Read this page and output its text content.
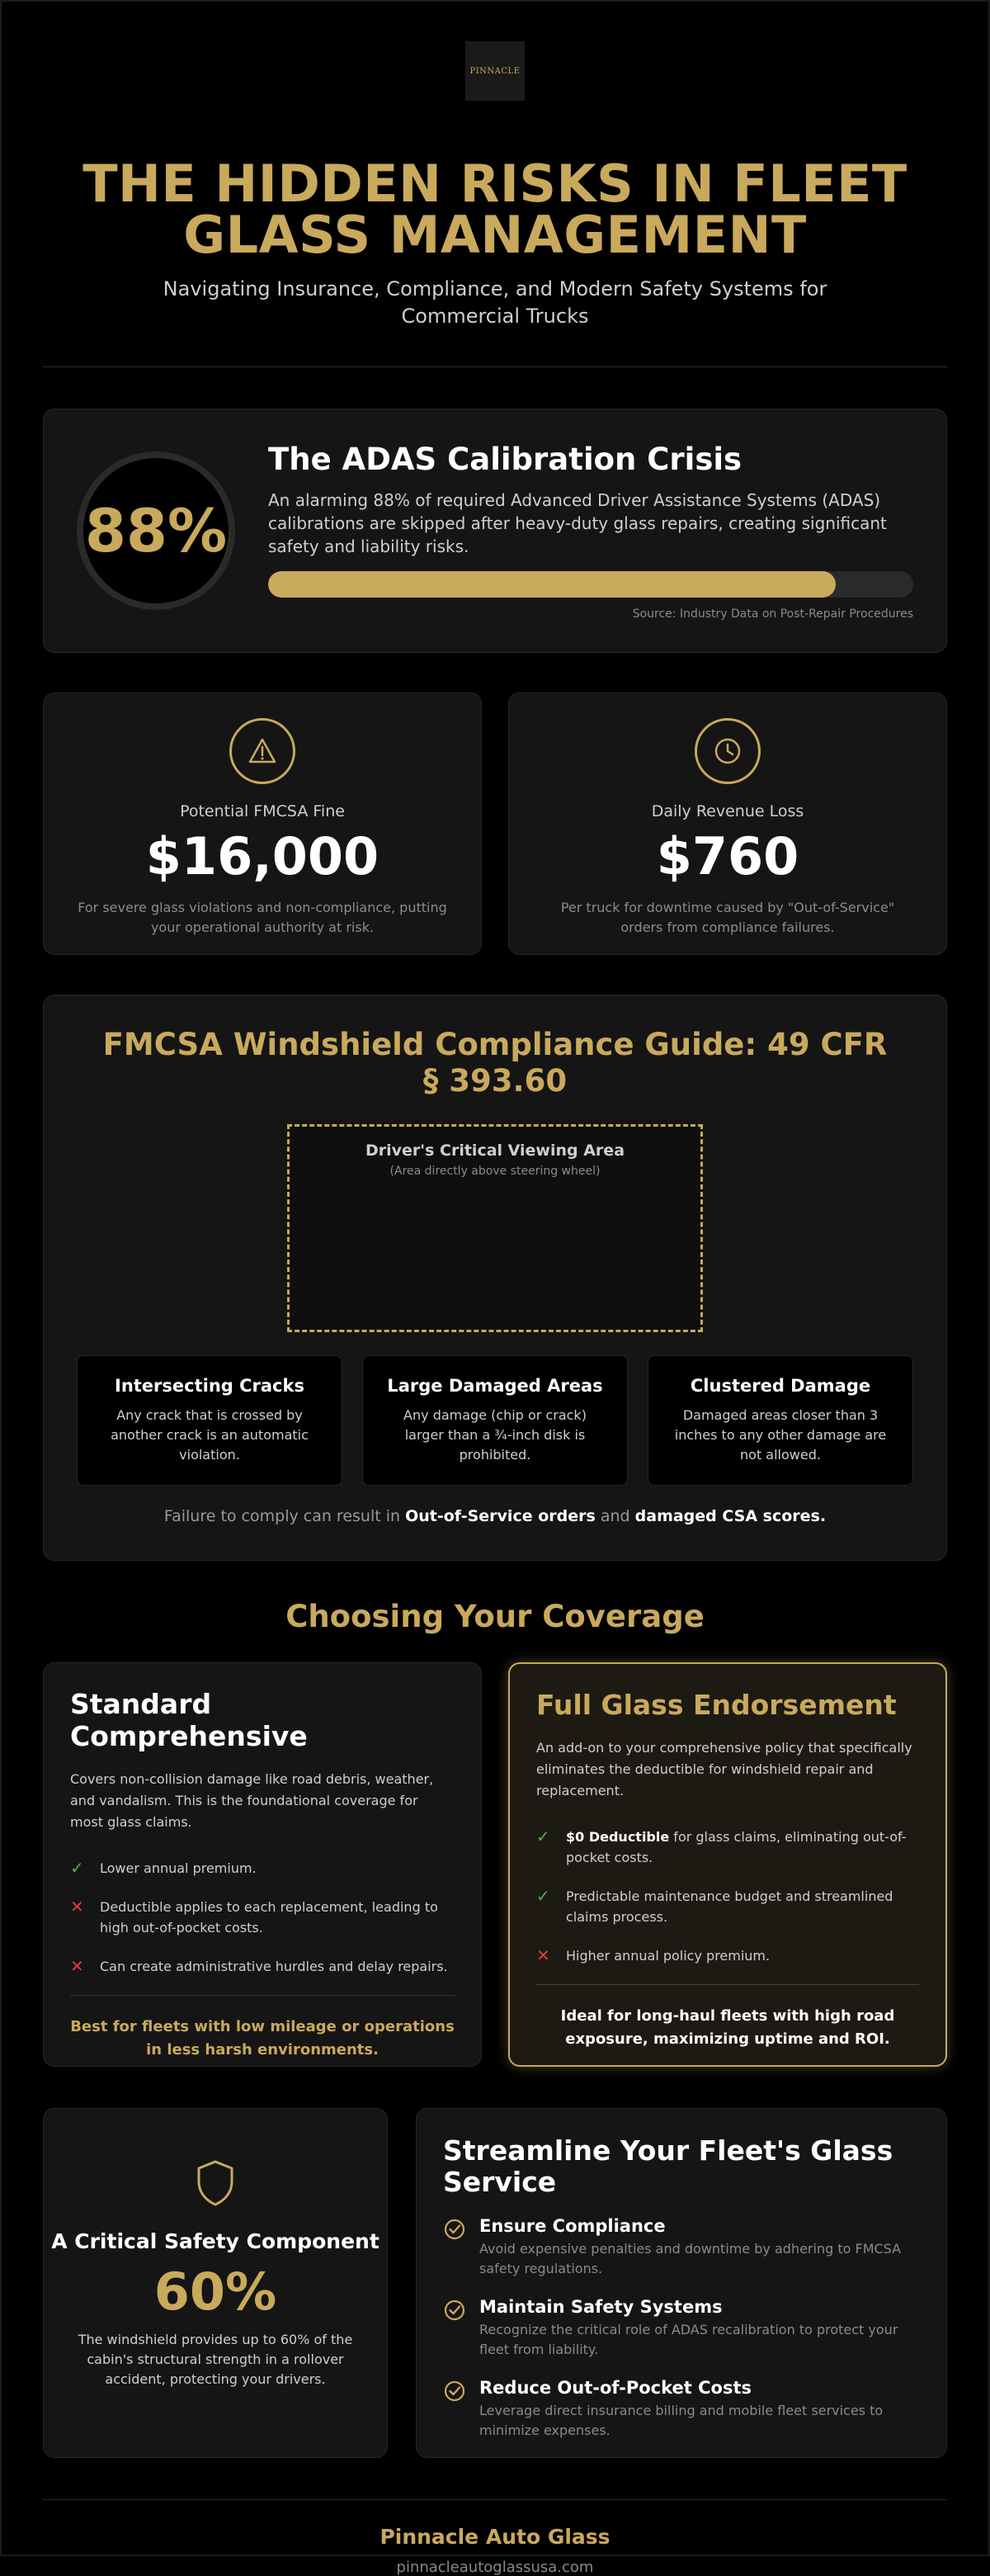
PINNACLE
THE HIDDEN RISKS IN FLEET GLASS MANAGEMENT

Navigating Insurance, Compliance, and Modern Safety Systems for Commercial Trucks

88%
The ADAS Calibration Crisis

An alarming 88% of required Advanced Driver Assistance Systems (ADAS) calibrations are skipped after heavy-duty glass repairs, creating significant safety and liability risks.

Source: Industry Data on Post-Repair Procedures
Potential FMCSA Fine
$16,000
For severe glass violations and non-compliance, putting your operational authority at risk.
Daily Revenue Loss
$760
Per truck for downtime caused by "Out-of-Service" orders from compliance failures.
FMCSA Windshield Compliance Guide: 49 CFR § 393.60
Driver's Critical Viewing Area
(Area directly above steering wheel)
Intersecting Cracks
Any crack that is crossed by another crack is an automatic violation.
Large Damaged Areas
Any damage (chip or crack) larger than a ¾-inch disk is prohibited.
Clustered Damage
Damaged areas closer than 3 inches to any other damage are not allowed.
Failure to comply can result in Out-of-Service orders and damaged CSA scores.
Choosing Your Coverage
Standard Comprehensive

Covers non-collision damage like road debris, weather, and vandalism. This is the foundational coverage for most glass claims.

✓	Lower annual premium.
✕	Deductible applies to each replacement, leading to high out-of-pocket costs.
✕	Can create administrative hurdles and delay repairs.
Best for fleets with low mileage or operations in less harsh environments.
Full Glass Endorsement

An add-on to your comprehensive policy that specifically eliminates the deductible for windshield repair and replacement.

✓	$0 Deductible for glass claims, eliminating out-of-pocket costs.
✓	Predictable maintenance budget and streamlined claims process.
✕	Higher annual policy premium.
Ideal for long-haul fleets with high road exposure, maximizing uptime and ROI.
A Critical Safety Component
60%
The windshield provides up to 60% of the cabin's structural strength in a rollover accident, protecting your drivers.
Streamline Your Fleet's Glass Service
Ensure Compliance
Avoid expensive penalties and downtime by adhering to FMCSA safety regulations.
Maintain Safety Systems
Recognize the critical role of ADAS recalibration to protect your fleet from liability.
Reduce Out-of-Pocket Costs
Leverage direct insurance billing and mobile fleet services to minimize expenses.
Pinnacle Auto Glass
pinnacleautoglassusa.com
